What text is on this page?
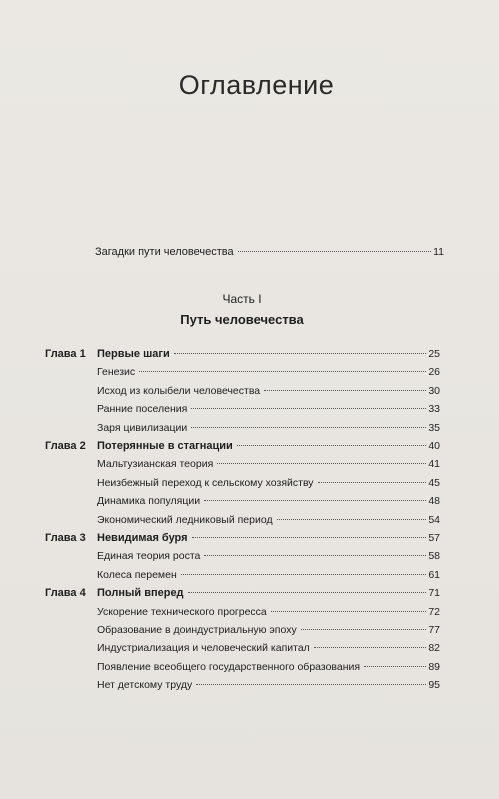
Оглавление
Загадки пути человечества	11
Часть I
Путь человечества
Глава 1 Первые шаги	25
Генезис	26
Исход из колыбели человечества	30
Ранние поселения	33
Заря цивилизации	35
Глава 2 Потерянные в стагнации	40
Мальтузианская теория	41
Неизбежный переход к сельскому хозяйству	45
Динамика популяции	48
Экономический ледниковый период	54
Глава 3 Невидимая буря	57
Единая теория роста	58
Колеса перемен	61
Глава 4 Полный вперед	71
Ускорение технического прогресса	72
Образование в доиндустриальную эпоху	77
Индустриализация и человеческий капитал	82
Появление всеобщего государственного образования	89
Нет детскому труду	95
